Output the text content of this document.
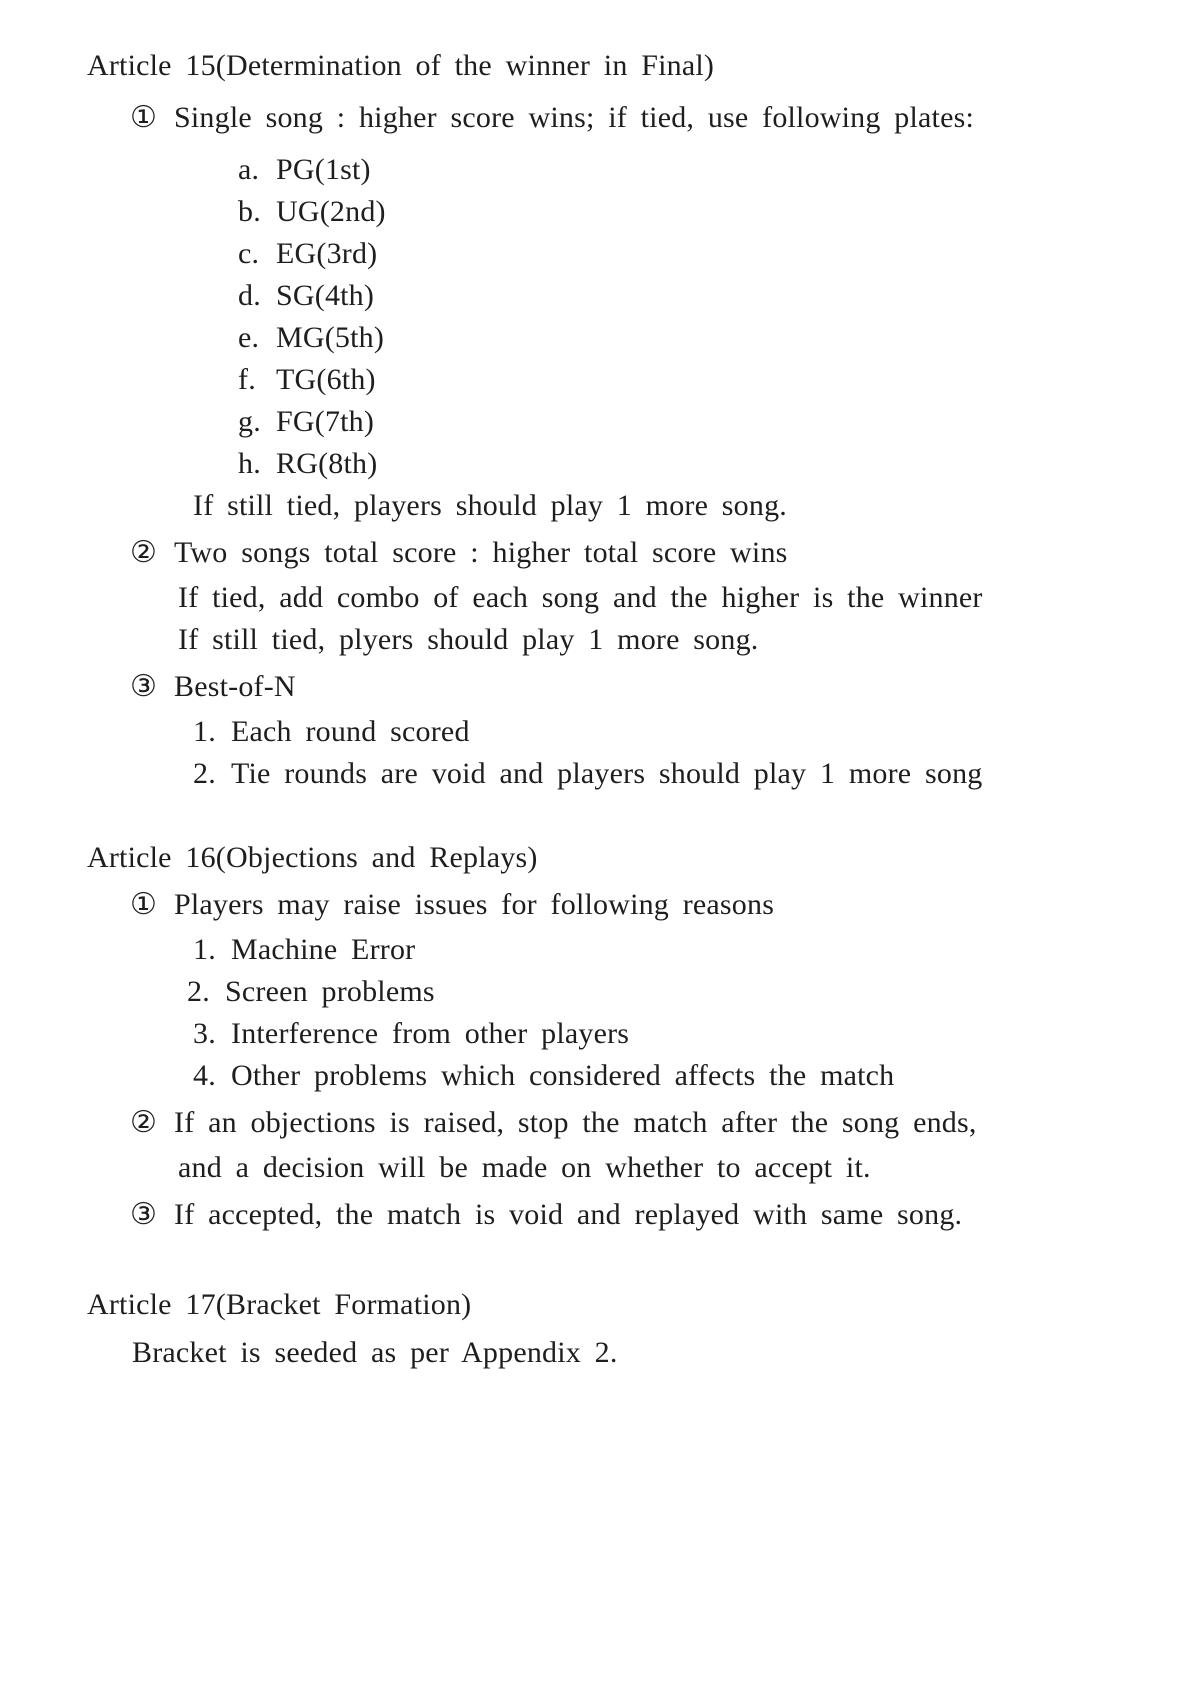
Article 15(Determination of the winner in Final)
① Single song : higher score wins; if tied, use following plates:
a. PG(1st)
b. UG(2nd)
c. EG(3rd)
d. SG(4th)
e. MG(5th)
f. TG(6th)
g. FG(7th)
h. RG(8th)
If still tied, players should play 1 more song.
② Two songs total score : higher total score wins
If tied, add combo of each song and the higher is the winner
If still tied, plyers should play 1 more song.
③ Best-of-N
1. Each round scored
2. Tie rounds are void and players should play 1 more song
Article 16(Objections and Replays)
① Players may raise issues for following reasons
1. Machine Error
2. Screen problems
3. Interference from other players
4. Other problems which considered affects the match
② If an objections is raised, stop the match after the song ends,
and a decision will be made on whether to accept it.
③ If accepted, the match is void and replayed with same song.
Article 17(Bracket Formation)
Bracket is seeded as per Appendix 2.
